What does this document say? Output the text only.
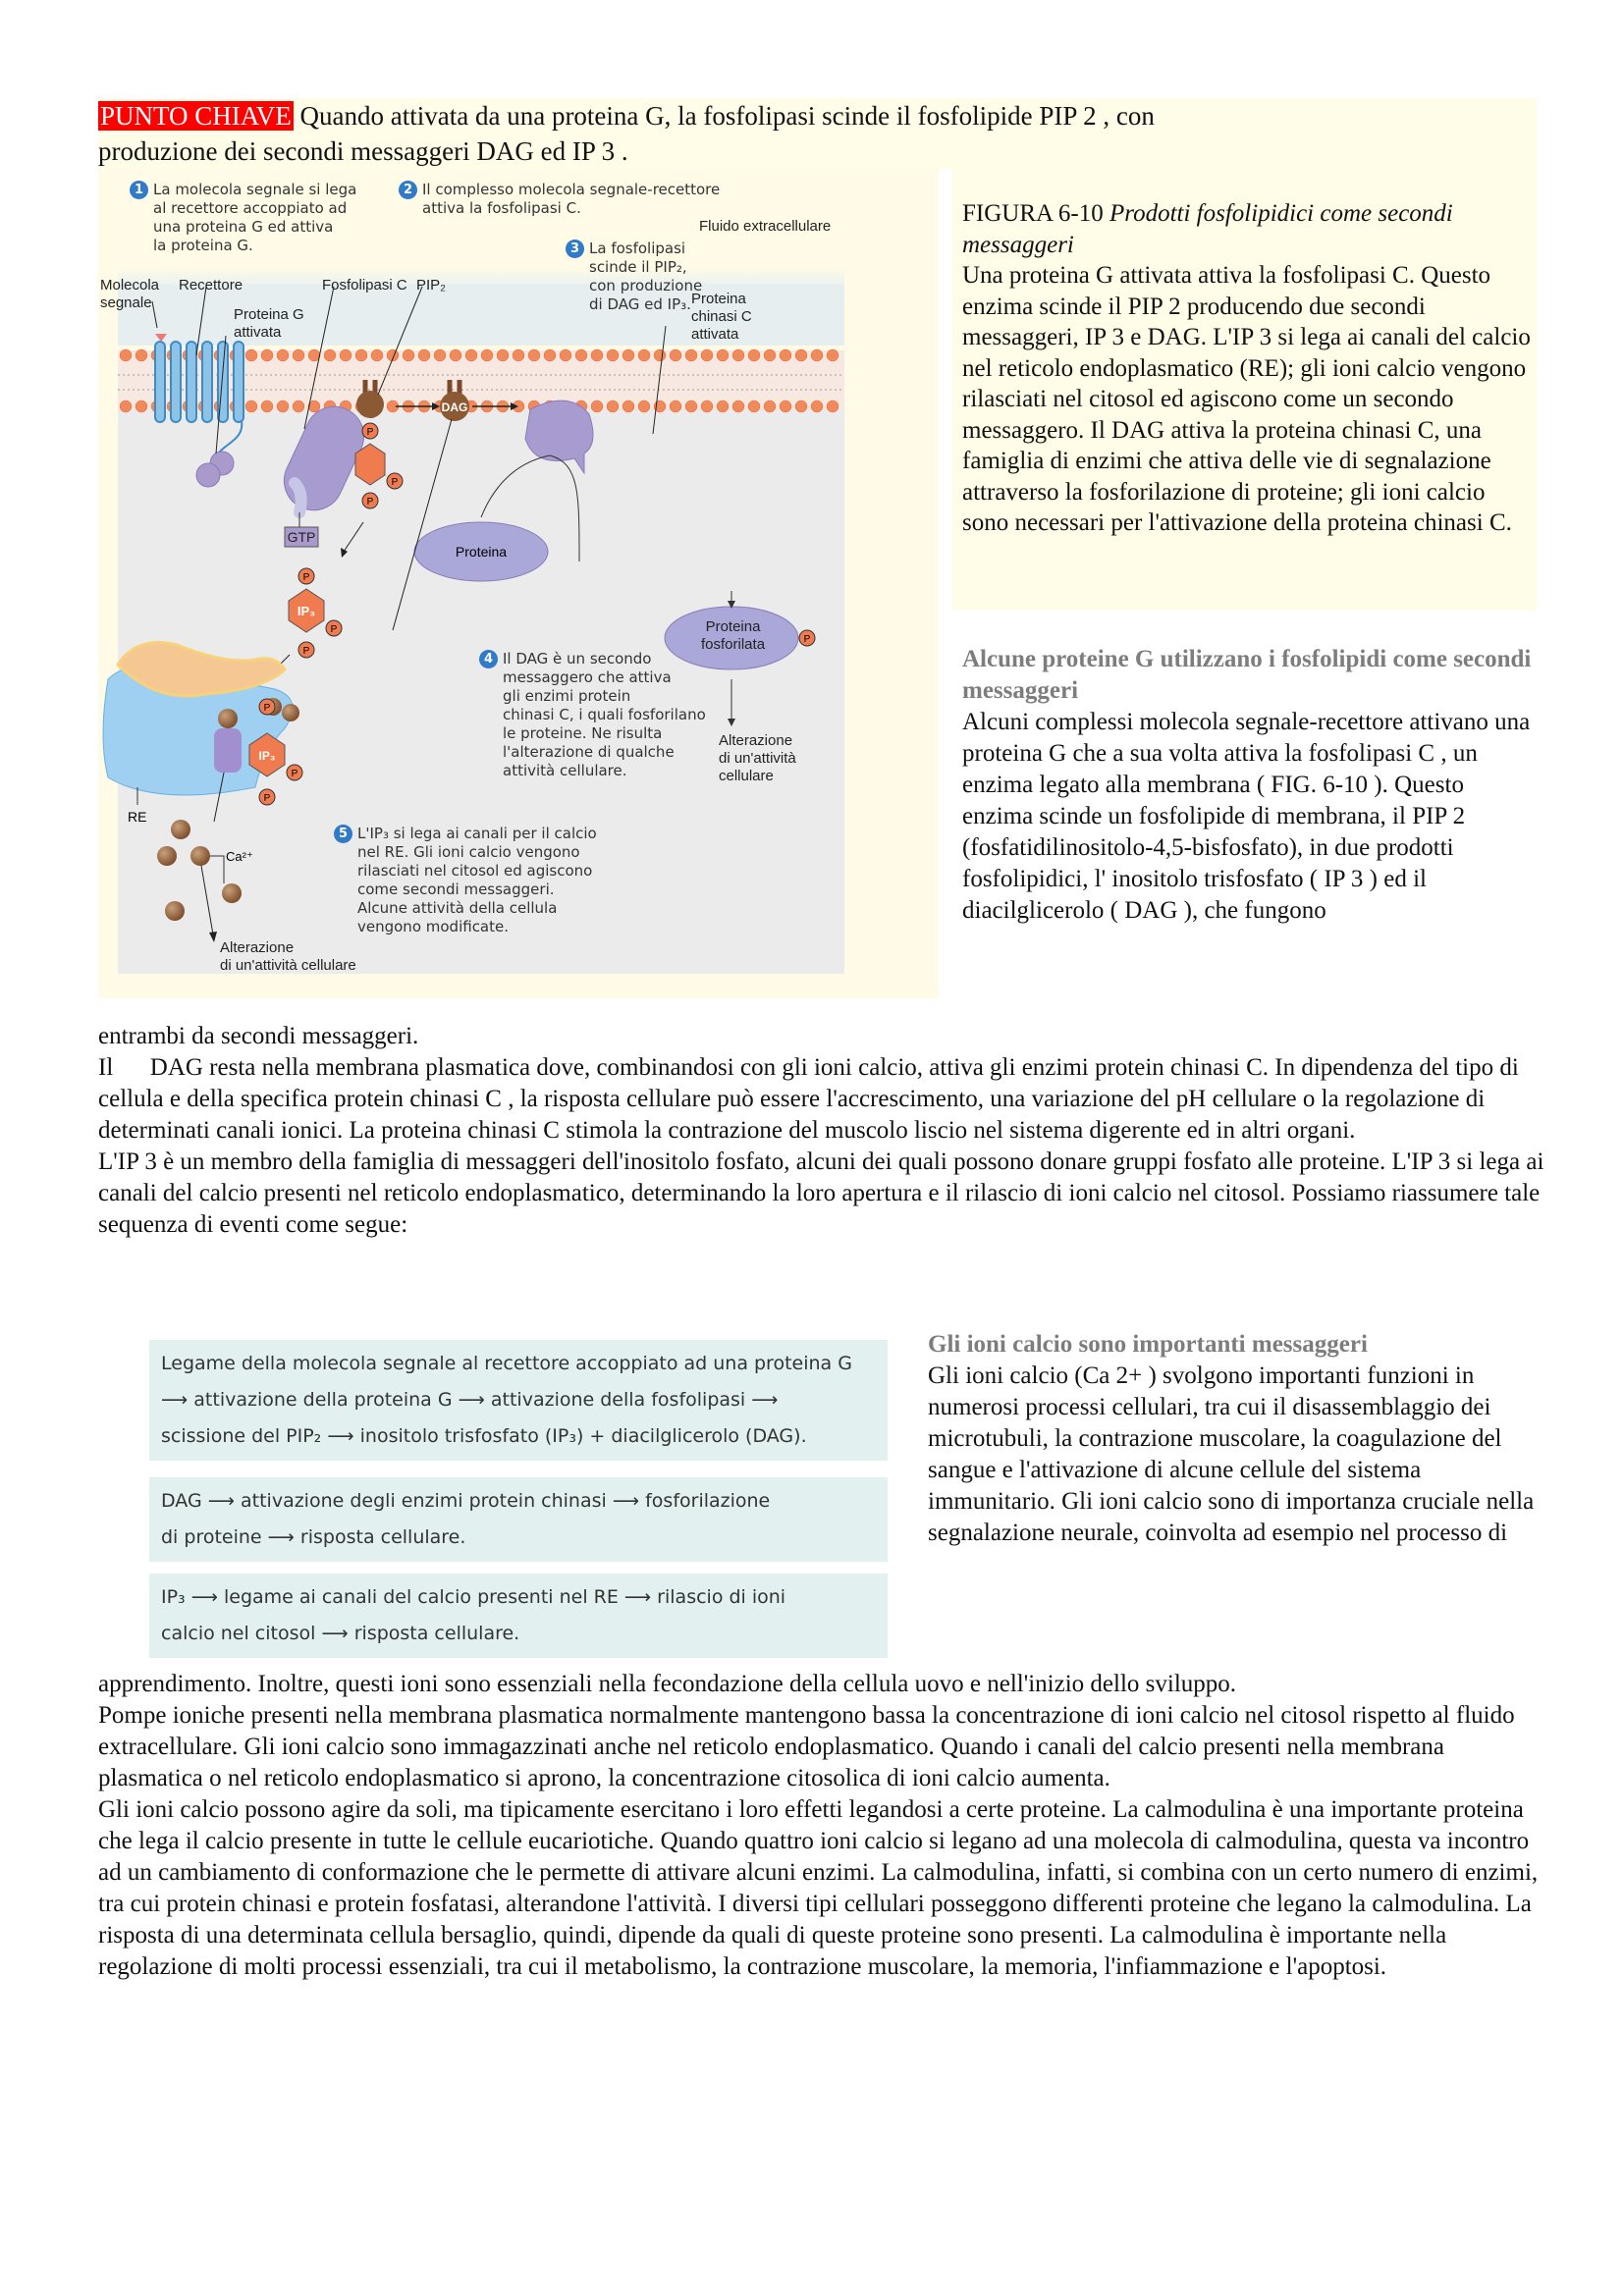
PUNTO CHIAVE Quando attivata da una proteina G, la fosfolipasi scinde il fosfolipide PIP 2 , con
produzione dei secondi messaggeri DAG ed IP 3 .
GTP
P
P
P
DAG
Proteina
P
P
IP₃
P
P
IP₃
P
P
P
RE
Ca²⁺
1 La molecola segnale si lega
al recettore accoppiato ad
una proteina G ed attiva
la proteina G.
2 Il complesso molecola segnale-recettore
attiva la fosfolipasi C.
Fluido extracellulare
3 La fosfolipasi
scinde il PIP₂,
con produzione
di DAG ed IP₃.
Molecola
segnale
Recettore
Proteina G
attivata
Fosfolipasi C PIP₂
Proteina
chinasi C
attivata
Proteina
fosforilata
4 Il DAG è un secondo
messaggero che attiva
gli enzimi protein
chinasi C, i quali fosforilano
le proteine. Ne risulta
l'alterazione di qualche
attività cellulare.
Alterazione
di un'attività
cellulare
5 L'IP₃ si lega ai canali per il calcio
nel RE. Gli ioni calcio vengono
rilasciati nel citosol ed agiscono
come secondi messaggeri.
Alcune attività della cellula
vengono modificate.
Alterazione
di un'attività cellulare
FIGURA 6-10 Prodotti fosfolipidici come secondi messaggeri
Una proteina G attivata attiva la fosfolipasi C. Questo enzima scinde il PIP 2 producendo due secondi messaggeri, IP 3 e DAG. L'IP 3 si lega ai canali del calcio nel reticolo endoplasmatico (RE); gli ioni calcio vengono rilasciati nel citosol ed agiscono come un secondo messaggero. Il DAG attiva la proteina chinasi C, una famiglia di enzimi che attiva delle vie di segnalazione attraverso la fosforilazione di proteine; gli ioni calcio sono necessari per l'attivazione della proteina chinasi C.
Alcune proteine G utilizzano i fosfolipidi come secondi messaggeri
Alcuni complessi molecola segnale-recettore attivano una proteina G che a sua volta attiva la fosfolipasi C , un enzima legato alla membrana ( FIG. 6-10 ). Questo enzima scinde un fosfolipide di membrana, il PIP 2 (fosfatidilinositolo-4,5-bisfosfato), in due prodotti fosfolipidici, l' inositolo trisfosfato ( IP 3 ) ed il diacilglicerolo ( DAG ), che fungono
entrambi da secondi messaggeri.
Il      DAG resta nella membrana plasmatica dove, combinandosi con gli ioni calcio, attiva gli enzimi protein chinasi C. In dipendenza del tipo di cellula e della specifica protein chinasi C , la risposta cellulare può essere l'accrescimento, una variazione del pH cellulare o la regolazione di determinati canali ionici. La proteina chinasi C stimola la contrazione del muscolo liscio nel sistema digerente ed in altri organi.
L'IP 3 è un membro della famiglia di messaggeri dell'inositolo fosfato, alcuni dei quali possono donare gruppi fosfato alle proteine. L'IP 3 si lega ai canali del calcio presenti nel reticolo endoplasmatico, determinando la loro apertura e il rilascio di ioni calcio nel citosol. Possiamo riassumere tale sequenza di eventi come segue:
Legame della molecola segnale al recettore accoppiato ad una proteina G
⟶ attivazione della proteina G ⟶ attivazione della fosfolipasi ⟶
scissione del PIP₂ ⟶ inositolo trisfosfato (IP₃) + diacilglicerolo (DAG).
DAG ⟶ attivazione degli enzimi protein chinasi ⟶ fosforilazione
di proteine ⟶ risposta cellulare.
IP₃ ⟶ legame ai canali del calcio presenti nel RE ⟶ rilascio di ioni
calcio nel citosol ⟶ risposta cellulare.
Gli ioni calcio sono importanti messaggeri
Gli ioni calcio (Ca 2+ ) svolgono importanti funzioni in numerosi processi cellulari, tra cui il disassemblaggio dei microtubuli, la contrazione muscolare, la coagulazione del sangue e l'attivazione di alcune cellule del sistema immunitario. Gli ioni calcio sono di importanza cruciale nella segnalazione neurale, coinvolta ad esempio nel processo di
apprendimento. Inoltre, questi ioni sono essenziali nella fecondazione della cellula uovo e nell'inizio dello sviluppo.
Pompe ioniche presenti nella membrana plasmatica normalmente mantengono bassa la concentrazione di ioni calcio nel citosol rispetto al fluido extracellulare. Gli ioni calcio sono immagazzinati anche nel reticolo endoplasmatico. Quando i canali del calcio presenti nella membrana plasmatica o nel reticolo endoplasmatico si aprono, la concentrazione citosolica di ioni calcio aumenta.
Gli ioni calcio possono agire da soli, ma tipicamente esercitano i loro effetti legandosi a certe proteine. La calmodulina è una importante proteina che lega il calcio presente in tutte le cellule eucariotiche. Quando quattro ioni calcio si legano ad una molecola di calmodulina, questa va incontro ad un cambiamento di conformazione che le permette di attivare alcuni enzimi. La calmodulina, infatti, si combina con un certo numero di enzimi, tra cui protein chinasi e protein fosfatasi, alterandone l'attività. I diversi tipi cellulari posseggono differenti proteine che legano la calmodulina. La risposta di una determinata cellula bersaglio, quindi, dipende da quali di queste proteine sono presenti. La calmodulina è importante nella regolazione di molti processi essenziali, tra cui il metabolismo, la contrazione muscolare, la memoria, l'infiammazione e l'apoptosi.
